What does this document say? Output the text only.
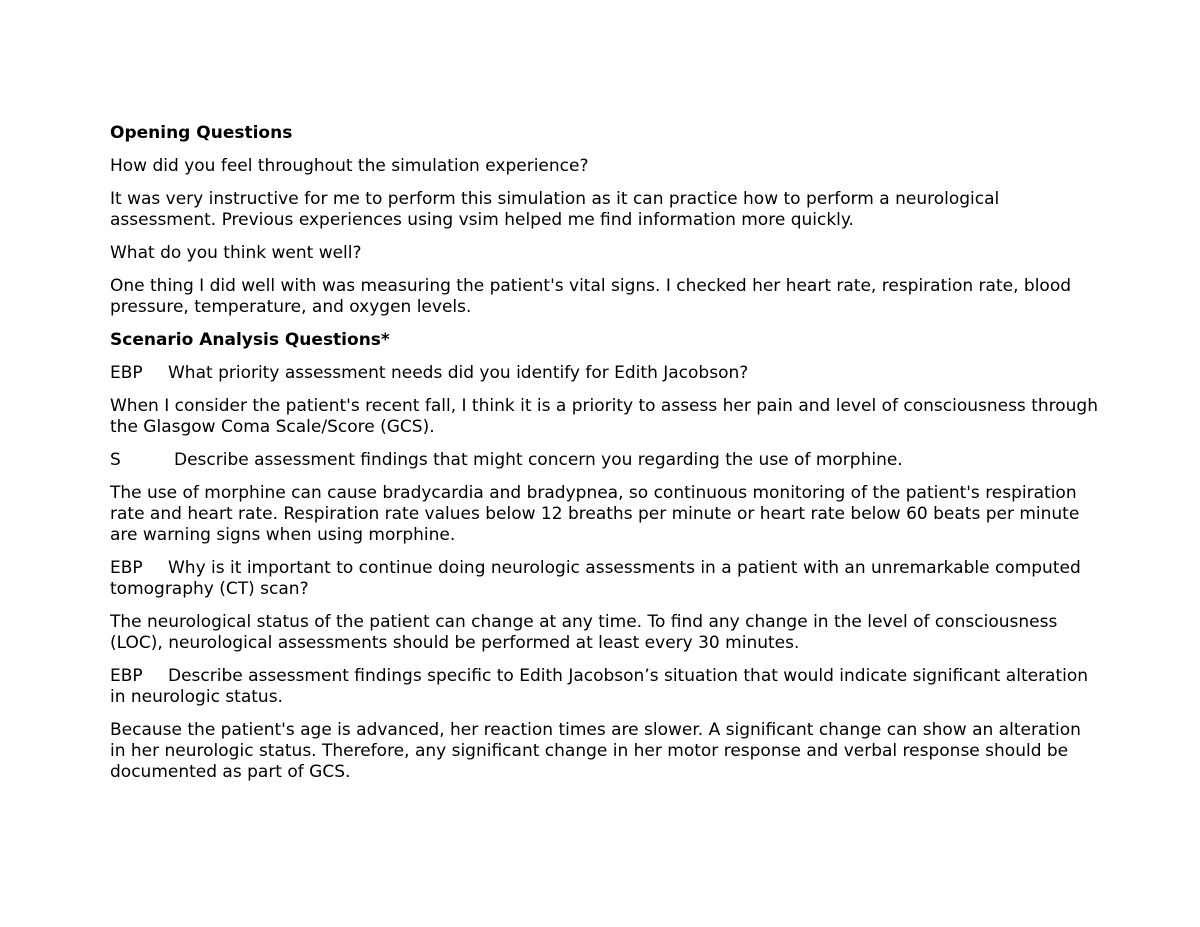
Opening Questions

How did you feel throughout the simulation experience?

It was very instructive for me to perform this simulation as it can practice how to perform a neurological assessment. Previous experiences using vsim helped me find information more quickly.

What do you think went well?

One thing I did well with was measuring the patient's vital signs. I checked her heart rate, respiration rate, blood pressure, temperature, and oxygen levels.

Scenario Analysis Questions*

EBP What priority assessment needs did you identify for Edith Jacobson?

When I consider the patient's recent fall, I think it is a priority to assess her pain and level of consciousness through the Glasgow Coma Scale/Score (GCS).

S	Describe assessment findings that might concern you regarding the use of morphine.

The use of morphine can cause bradycardia and bradypnea, so continuous monitoring of the patient's respiration rate and heart rate. Respiration rate values below 12 breaths per minute or heart rate below 60 beats per minute are warning signs when using morphine.

EBP Why is it important to continue doing neurologic assessments in a patient with an unremarkable computed tomography (CT) scan?

The neurological status of the patient can change at any time. To find any change in the level of consciousness (LOC), neurological assessments should be performed at least every 30 minutes.

EBP Describe assessment findings specific to Edith Jacobson’s situation that would indicate significant alteration in neurologic status.

Because the patient's age is advanced, her reaction times are slower. A significant change can show an alteration in her neurologic status. Therefore, any significant change in her motor response and verbal response should be documented as part of GCS.
